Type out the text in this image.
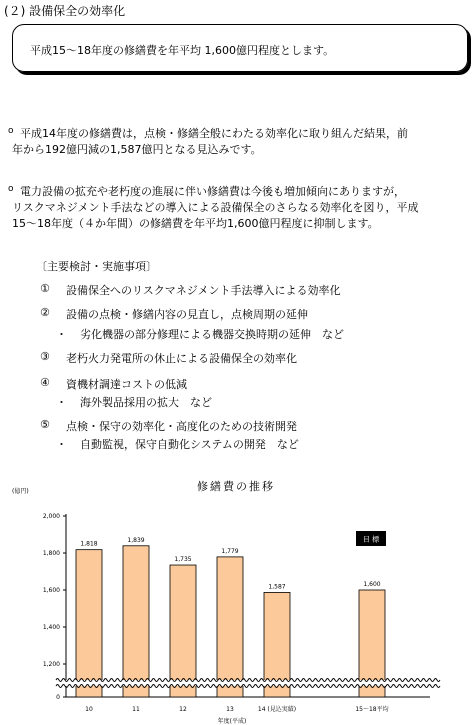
(２) 設備保全の効率化
平成15～18年度の修繕費を年平均 1,600億円程度とします。
o 平成14年度の修繕費は，点検・修繕全般にわたる効率化に取り組んだ結果，前
年から192億円減の1,587億円となる見込みです。
o 電力設備の拡充や老朽度の進展に伴い修繕費は今後も増加傾向にありますが，
リスクマネジメント手法などの導入による設備保全のさらなる効率化を図り，平成
15～18年度（４か年間）の修繕費を年平均1,600億円程度に抑制します。
〔主要検討・実施事項〕
① 設備保全へのリスクマネジメント手法導入による効率化
② 設備の点検・修繕内容の見直し，点検周期の延伸
・ 劣化機器の部分修理による機器交換時期の延伸　など
③ 老朽火力発電所の休止による設備保全の効率化
④ 資機材調達コストの低減
・ 海外製品採用の拡大　など
⑤ 点検・保守の効率化・高度化のための技術開発
・ 自動監視，保守自動化システムの開発　など
修繕費の推移
(億円)
2,000
1,800
1,600
1,400
1,200
0
1,818
10
1,839
11
1,735
12
1,779
13
1,587
14 (見込実績)
1,600
15～18平均
目 標
年度(平成)
